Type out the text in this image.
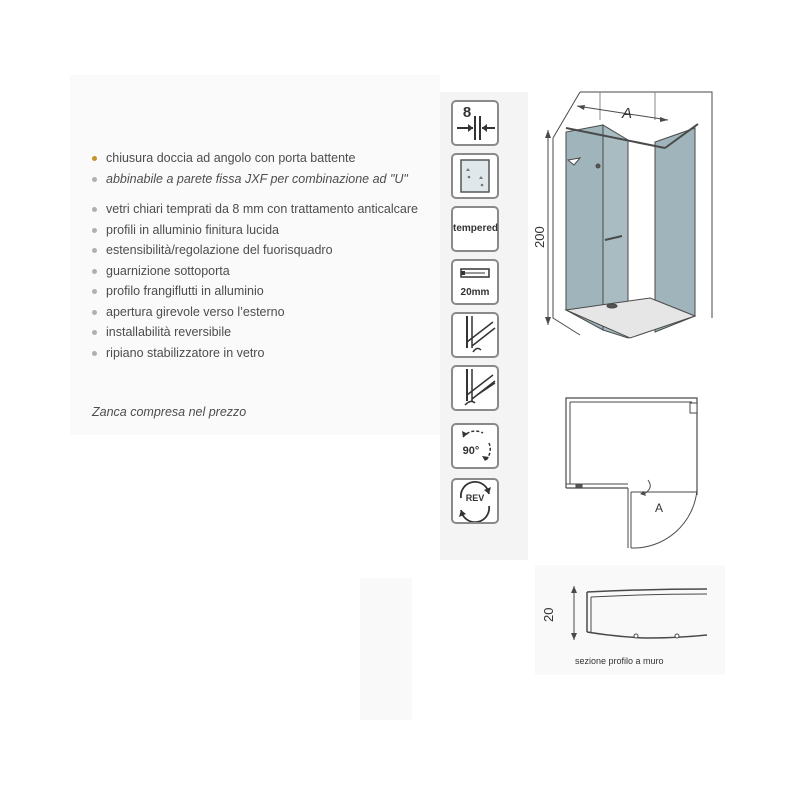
chiusura doccia ad angolo con porta battente
abbinabile a parete fissa JXF per combinazione ad "U"
vetri chiari temprati da 8 mm con trattamento anticalcare
profili in alluminio finitura lucida
estensibilità/regolazione del fuorisquadro
guarnizione sottoporta
profilo frangiflutti in alluminio
apertura girevole verso l’esterno
installabilità reversibile
ripiano stabilizzatore in vetro
Zanca compresa nel prezzo
8
tempered
20mm
90°
REV
A
200
A
20
sezione profilo a muro
